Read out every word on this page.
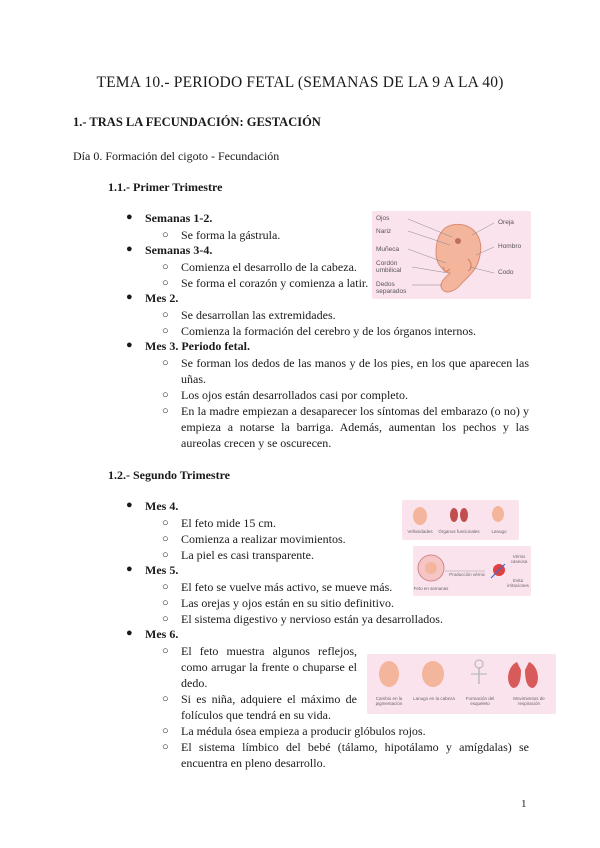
TEMA 10.- PERIODO FETAL (SEMANAS DE LA 9 A LA 40)
1.- TRAS LA FECUNDACIÓN: GESTACIÓN
Día 0. Formación del cigoto - Fecundación
1.1.- Primer Trimestre
● Semanas 1-2.
○ Se forma la gástrula.
● Semanas 3-4.
○ Comienza el desarrollo de la cabeza.
○ Se forma el corazón y comienza a latir.
● Mes 2.
○ Se desarrollan las extremidades.
○ Comienza la formación del cerebro y de los órganos internos.
● Mes 3. Periodo fetal.
○ Se forman los dedos de las manos y de los pies, en los que aparecen las uñas.
○ Los ojos están desarrollados casi por completo.
○ En la madre empiezan a desaparecer los síntomas del embarazo (o no) y empieza a notarse la barriga. Además, aumentan los pechos y las aureolas crecen y se oscurecen.
Ojos
Nariz
Muñeca
Cordón umbilical
Dedos separados
Oreja
Hombro
Codo
1.2.- Segundo Trimestre
● Mes 4.
○ El feto mide 15 cm.
○ Comienza a realizar movimientos.
○ La piel es casi transparente.
● Mes 5.
○ El feto se vuelve más activo, se mueve más.
○ Las orejas y ojos están en su sitio definitivo.
○ El sistema digestivo y nervioso están ya desarrollados.
● Mes 6.
○ El feto muestra algunos reflejos, como arrugar la frente o chuparse el dedo.
○ Si es niña, adquiere el máximo de folículos que tendrá en su vida.
○ La médula ósea empieza a producir glóbulos rojos.
○ El sistema límbico del bebé (tálamo, hipotálamo y amígdalas) se encuentra en pleno desarrollo.
Vellosidades	Órganos funcionales	Lanugo
Feto en semanas
Producción vérnix
Vérnix caseosa
Evita irritaciones
Cambio en la pigmentación
Lanugo en la cabeza	Formación del esqueleto
Movimientos de respiración
1
